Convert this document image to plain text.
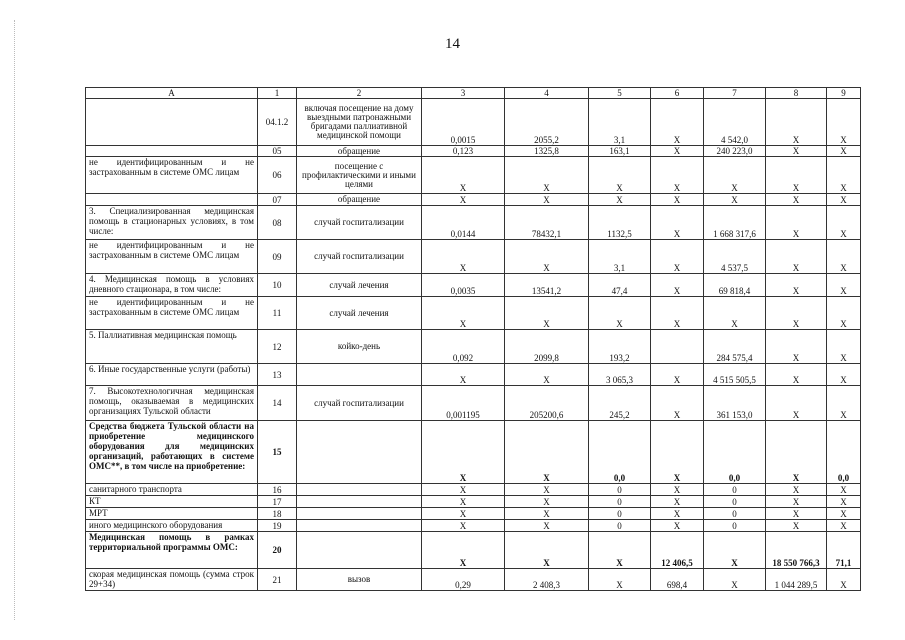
14
A	1	2	3	4	5	6	7	8	9
	04.1.2	включая посещение на дому выездными патронажными бригадами паллиативной медицинской помощи	0,0015	2055,2	3,1	X	4 542,0	X	X
	05	обращение	0,123	1325,8	163,1	X	240 223,0	X	X
не идентифицированным и не застрахованным в системе ОМС лицам	06	посещение с профилактическими и иными целями	X	X	X	X	X	X	X
	07	обращение	X	X	X	X	X	X	X
3. Специализированная медицинская помощь в стационарных условиях, в том числе:	08	случай госпитализации	0,0144	78432,1	1132,5	X	1 668 317,6	X	X
не идентифицированным и не застрахованным в системе ОМС лицам	09	случай госпитализации	X	X	3,1	X	4 537,5	X	X
4. Медицинская помощь в условиях дневного стационара, в том числе:	10	случай лечения	0,0035	13541,2	47,4	X	69 818,4	X	X
не идентифицированным и не застрахованным в системе ОМС лицам	11	случай лечения	X	X	X	X	X	X	X
5. Паллиативная медицинская помощь	12	койко-день	0,092	2099,8	193,2		284 575,4	X	X
6. Иные государственные услуги (работы)	13		X	X	3 065,3	X	4 515 505,5	X	X
7. Высокотехнологичная медицинская помощь, оказываемая в медицинских организациях Тульской области	14	случай госпитализации	0,001195	205200,6	245,2	X	361 153,0	X	X
Средства бюджета Тульской области на приобретение медицинского оборудования для медицинских организаций, работающих в системе ОМС**, в том числе на приобретение:	15		X	X	0,0	X	0,0	X	0,0
санитарного транспорта	16		X	X	0	X	0	X	X
КТ	17		X	X	0	X	0	X	X
МРТ	18		X	X	0	X	0	X	X
иного медицинского оборудования	19		X	X	0	X	0	X	X
Медицинская помощь в рамках территориальной программы ОМС:	20		X	X	X	12 406,5	X	18 550 766,3	71,1
скорая медицинская помощь (сумма строк 29+34)	21	вызов	0,29	2 408,3	X	698,4	X	1 044 289,5	X
